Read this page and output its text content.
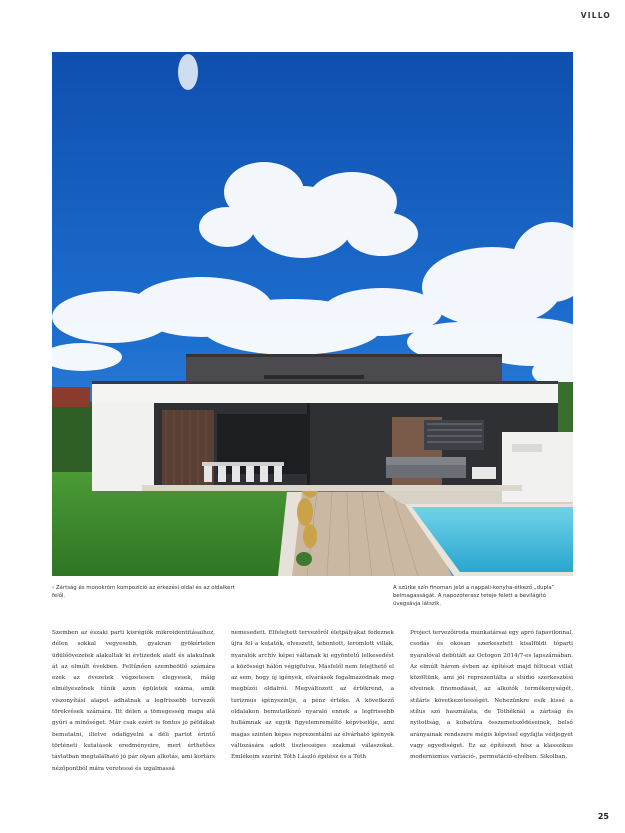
VILLO
‹ Zártság és monokróm kompozíció az érkezési oldal és az oldalkert felől.
A szürke szín finoman jelzi a nappali-konyha-étkező „dupla” belmagasságát. A napozóterasz teteje felett a bevilágító üvegsávja látszik.

Szemben az északi parti kisrégiók mikroidentitásaihoz, délen sokkal vegyesebb, gyakran gyökértelen üdülőövezetek alakultak ki évtizedek alatt és alakulnak át az elmúlt években. Feltűnően szembeötlő számára ezek az övezetek végzetesen elegyesek, máig elmélyeszőnek tűnik azon épületek száma, amik viszonyítási alapot adhatnak a legfrissebb tervezői törekvések számára. Itt délen a tömegesség maga alá gyűri a minőséget. Már csak ezért is fontos jó példákat bemutatni, illetve odafigyelni a déli partot érintő történeti kutatások eredményeire, mert érthetőes távlatban megtalálható jó pár olyan alkotás, ami kortárs nézőpontból mára veretessé és izgalmassá

nemesedett. Elfelejtett tervezőről életpályákat fedeznek újra fel a kutatók, elveszett, lebontott, leromlott villák, nyaralók archív képei váltanak ki egyöntetű lelkesedést a közösségi hálón végigfutva. Másfelől nem felejthető el az sem, hogy új igények, elvárások fogalmazódnak meg megbízói oldalról. Megváltozott az értékrend, a turizmus igényszintje, a pénz értéke. A következő oldalakon bemutatkozó nyaraló ennek a legfrissebb hullámnak az egyik figyelemreméltó képviselője, ami magas szinten képes reprezentálni az elvárható igények változására adott tisztességes szakmai válaszokat. Emlékeim szerint Tóth László építész és a Tóth

Project tervezőiroda munkatársai egy apró fapavilonnal, csodás és okosan szerkesztett kisalföldi tóparti nyaralóval debütált az Octogon 2014/7-es lapszámában. Az elmúlt három évben az építészt majd féltucat villát közöltünk, ami jól reprezentálta a stúdió szerkesztési elveinek finomodását, az alkotók termékenységét, stiláris következetességét. Nehezünkre esik kissé a stílus szó használata, de Tóthéknál a zártság és nyitottság, a kubatúra összemetsződéseinek, belső arányainak rendszere mégis képvisel egyfajta védjegyet vagy egyediséget. Ez az építészet hisz a klasszikus modernizmus variáció-, permutáció-elvében. Sikolban,

25
